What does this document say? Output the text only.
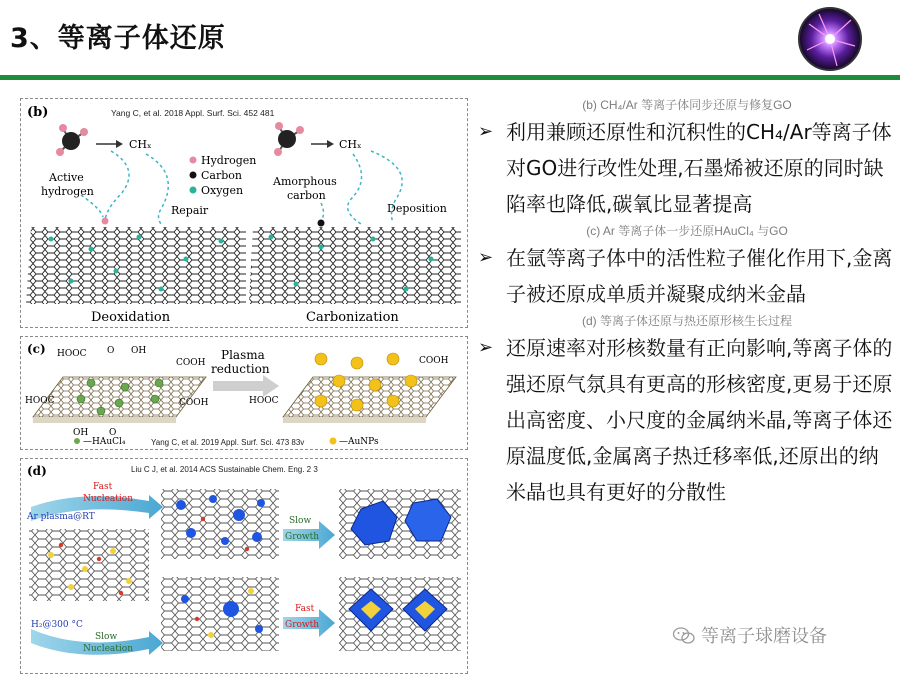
3、等离子体还原
(b)	Yang C, et al. 2018 Appl. Surf. Sci. 452 481
CHₓ
Hydrogen
Carbon
Oxygen
Active
hydrogen
Repair
CHₓ
Amorphous
carbon
Deposition
Deoxidation	Carbonization
(c) HOOC	OH
O
COOH
HOOC	COOH
OH O
—HAuCl₄
Plasma
reduction
COOH
HOOC
—AuNPs
Yang C, et al. 2019 Appl. Surf. Sci. 473 83v
(d)	Liu C J, et al. 2014 ACS Sustainable Chem. Eng. 2 3
Fast
Nucleation
Ar plasma@RT	Slow
Growth
H₂@300 °C
Slow
Nucleation
Fast
Growth
(b) CH₄/Ar 等离子体同步还原与修复GO
➢ 利用兼顾还原性和沉积性的CH₄/Ar等离子体对GO进行改性处理,石墨烯被还原的同时缺陷率也降低,碳氧比显著提高
(c) Ar 等离子体一步还原HAuCl₄ 与GO
➢ 在氩等离子体中的活性粒子催化作用下,金离子被还原成单质并凝聚成纳米金晶
(d) 等离子体还原与热还原形核生长过程
➢ 还原速率对形核数量有正向影响,等离子体的强还原气氛具有更高的形核密度,更易于还原出高密度、小尺度的金属纳米晶,等离子体还原温度低,金属离子热迁移率低,还原出的纳米晶也具有更好的分散性
等离子球磨设备
